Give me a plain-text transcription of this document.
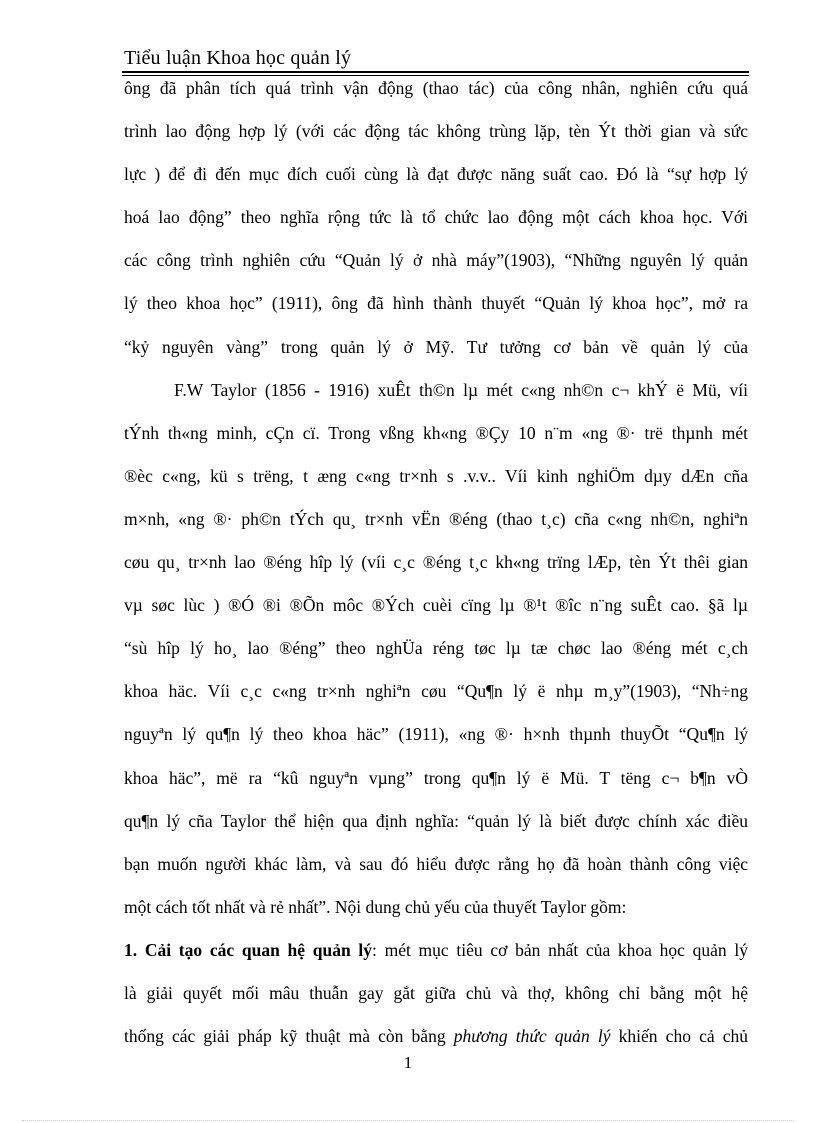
Tiểu luận Khoa học quản lý
ông đã phân tích quá trình vận động (thao tác) của công nhân, nghiên cứu quá
trình lao động hợp lý (với các động tác không trùng lặp, tèn Ýt thời gian và sức
lực ) để đi đến mục đích cuối cùng là đạt được năng suất cao. Đó là “sự hợp lý
hoá lao động” theo nghĩa rộng tức là tổ chức lao động một cách khoa học. Với
các công trình nghiên cứu “Quản lý ở nhà máy”(1903), “Những nguyên lý quản
lý theo khoa học” (1911), ông đã hình thành thuyết “Quản lý khoa học”, mở ra
“kỷ nguyên vàng” trong quản lý ở Mỹ. Tư tưởng cơ bản về quản lý của
F.W Taylor (1856 - 1916) xuÊt th©n lµ mét c«ng nh©n c¬ khÝ ë Mü, víi
tÝnh th«ng minh, cÇn cï. Trong vßng kh«ng ®Çy 10 n¨m «ng ®· trë thµnh mét
®èc c«ng, kü s trëng, t æng c«ng tr×nh s .v.v.. Víi kinh nghiÖm dµy dÆn cña
m×nh, «ng ®· ph©n tÝch qu¸ tr×nh vËn ®éng (thao t¸c) cña c«ng nh©n, nghiªn
cøu qu¸ tr×nh lao ®éng hîp lý (víi c¸c ®éng t¸c kh«ng trïng lÆp, tèn Ýt thêi gian
vµ søc lùc ) ®Ó ®i ®Õn môc ®Ých cuèi cïng lµ ®¹t ®îc n¨ng suÊt cao. §ã lµ
“sù hîp lý ho¸ lao ®éng” theo nghÜa réng tøc lµ tæ chøc lao ®éng mét c¸ch
khoa häc. Víi c¸c c«ng tr×nh nghiªn cøu “Qu¶n lý ë nhµ m¸y”(1903), “Nh÷ng
nguyªn lý qu¶n lý theo khoa häc” (1911), «ng ®· h×nh thµnh thuyÕt “Qu¶n lý
khoa häc”, më ra “kû nguyªn vµng” trong qu¶n lý ë Mü. T tëng c¬ b¶n vÒ
qu¶n lý cña Taylor thể hiện qua định nghĩa: “quản lý là biết được chính xác điều
bạn muốn người khác làm, và sau đó hiểu được rằng họ đã hoàn thành công việc
một cách tốt nhất và rẻ nhất”. Nội dung chủ yếu của thuyết Taylor gồm:
1. Cải tạo các quan hệ quản lý: mét mục tiêu cơ bản nhất của khoa học quản lý
là giải quyết mối mâu thuẫn gay gắt giữa chủ và thợ, không chỉ bằng một hệ
thống các giải pháp kỹ thuật mà còn bằng phương thức quản lý khiến cho cả chủ
1
